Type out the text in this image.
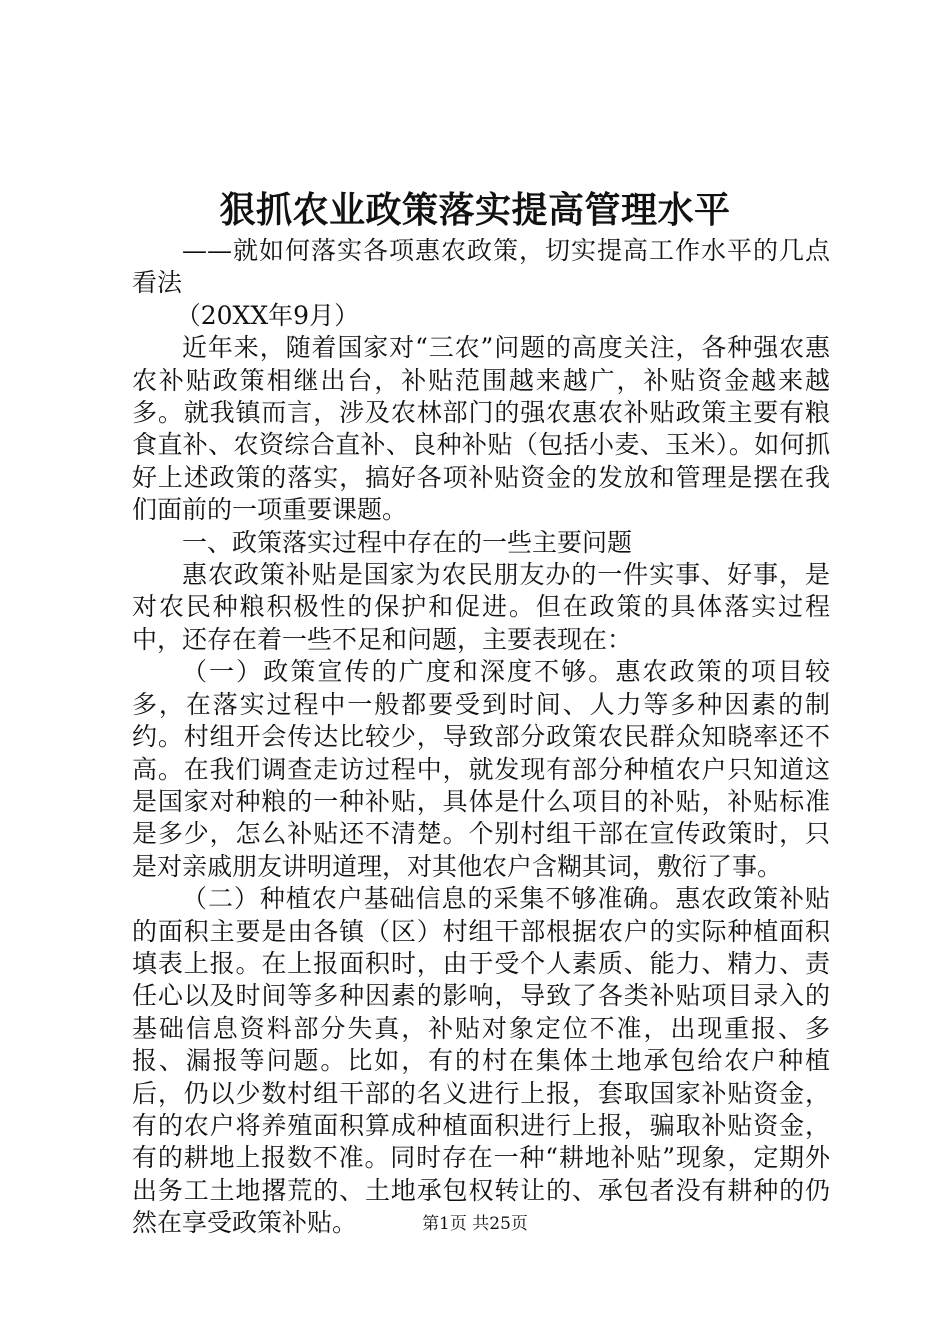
狠抓农业政策落实提高管理水平

——就如何落实各项惠农政策，切实提高工作水平的几点看法

（20XX年9月）

近年来，随着国家对“三农”问题的高度关注，各种强农惠农补贴政策相继出台，补贴范围越来越广，补贴资金越来越多。就我镇而言，涉及农林部门的强农惠农补贴政策主要有粮食直补、农资综合直补、良种补贴（包括小麦、玉米）。如何抓好上述政策的落实，搞好各项补贴资金的发放和管理是摆在我们面前的一项重要课题。

一、政策落实过程中存在的一些主要问题

惠农政策补贴是国家为农民朋友办的一件实事、好事，是对农民种粮积极性的保护和促进。但在政策的具体落实过程中，还存在着一些不足和问题，主要表现在：

（一）政策宣传的广度和深度不够。惠农政策的项目较多，在落实过程中一般都要受到时间、人力等多种因素的制约。村组开会传达比较少，导致部分政策农民群众知晓率还不高。在我们调查走访过程中，就发现有部分种植农户只知道这是国家对种粮的一种补贴，具体是什么项目的补贴，补贴标准是多少，怎么补贴还不清楚。个别村组干部在宣传政策时，只是对亲戚朋友讲明道理，对其他农户含糊其词，敷衍了事。

（二）种植农户基础信息的采集不够准确。惠农政策补贴的面积主要是由各镇（区）村组干部根据农户的实际种植面积填表上报。在上报面积时，由于受个人素质、能力、精力、责任心以及时间等多种因素的影响，导致了各类补贴项目录入的基础信息资料部分失真，补贴对象定位不准，出现重报、多报、漏报等问题。比如，有的村在集体土地承包给农户种植后，仍以少数村组干部的名义进行上报，套取国家补贴资金，有的农户将养殖面积算成种植面积进行上报，骗取补贴资金，有的耕地上报数不准。同时存在一种“耕地补贴”现象，定期外出务工土地撂荒的、土地承包权转让的、承包者没有耕种的仍然在享受政策补贴。	第1页 共25页
